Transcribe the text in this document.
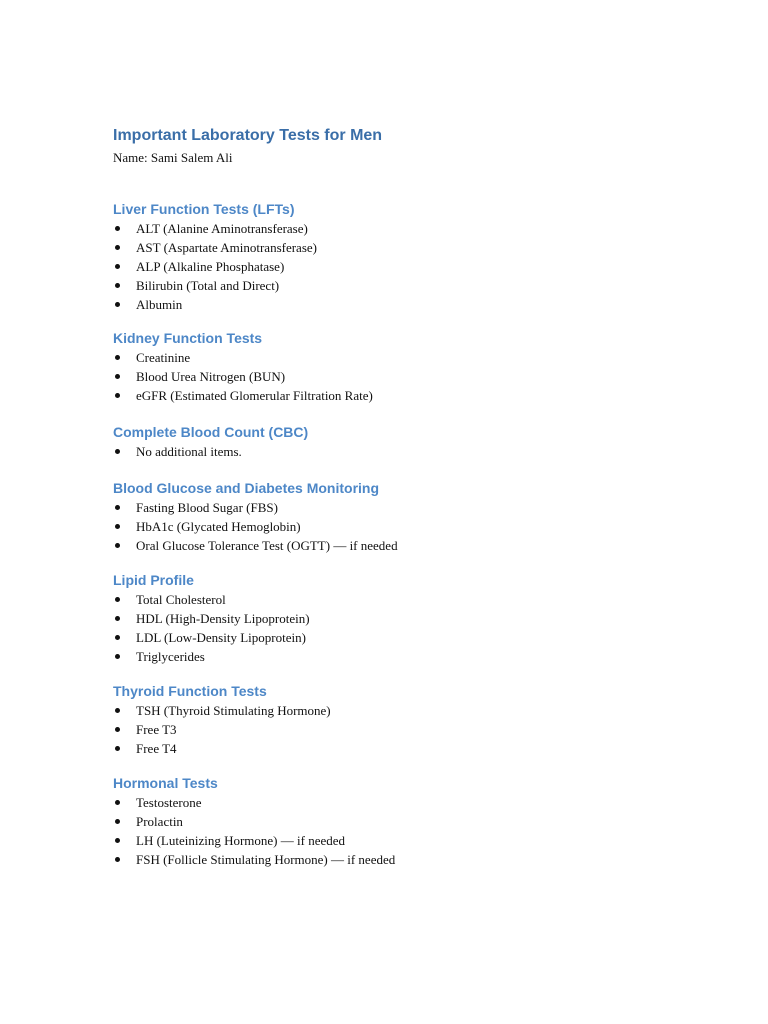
Important Laboratory Tests for Men

Name: Sami Salem Ali

Liver Function Tests (LFTs)
ALT (Alanine Aminotransferase)
AST (Aspartate Aminotransferase)
ALP (Alkaline Phosphatase)
Bilirubin (Total and Direct)
Albumin
Kidney Function Tests
Creatinine
Blood Urea Nitrogen (BUN)
eGFR (Estimated Glomerular Filtration Rate)
Complete Blood Count (CBC)
No additional items.
Blood Glucose and Diabetes Monitoring
Fasting Blood Sugar (FBS)
HbA1c (Glycated Hemoglobin)
Oral Glucose Tolerance Test (OGTT) — if needed
Lipid Profile
Total Cholesterol
HDL (High-Density Lipoprotein)
LDL (Low-Density Lipoprotein)
Triglycerides
Thyroid Function Tests
TSH (Thyroid Stimulating Hormone)
Free T3
Free T4
Hormonal Tests
Testosterone
Prolactin
LH (Luteinizing Hormone) — if needed
FSH (Follicle Stimulating Hormone) — if needed
